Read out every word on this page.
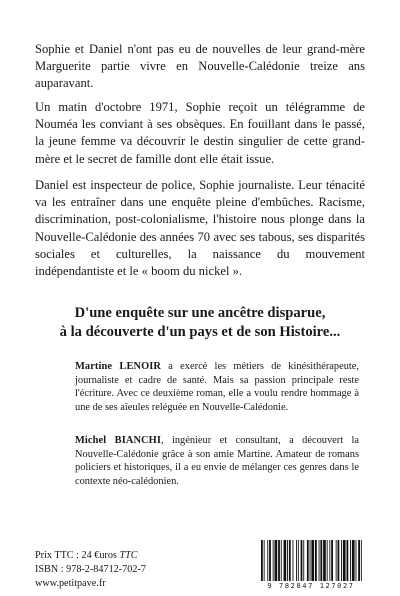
Sophie et Daniel n'ont pas eu de nouvelles de leur grand-mère Marguerite partie vivre en Nouvelle-Calédonie treize ans auparavant.

Un matin d'octobre 1971, Sophie reçoit un télégramme de Nouméa les conviant à ses obsèques. En fouillant dans le passé, la jeune femme va découvrir le destin singulier de cette grand-mère et le secret de famille dont elle était issue.

Daniel est inspecteur de police, Sophie journaliste. Leur ténacité va les entraîner dans une enquête pleine d'embûches. Racisme, discrimination, post-colonialisme, l'histoire nous plonge dans la Nouvelle-Calédonie des années 70 avec ses tabous, ses disparités sociales et culturelles, la naissance du mouvement indépendantiste et le « boom du nickel ».

D'une enquête sur une ancêtre disparue,
à la découverte d'un pays et de son Histoire...

Martine LENOIR a exercé les métiers de kinésithérapeute, journaliste et cadre de santé. Mais sa passion principale reste l'écriture. Avec ce deuxième roman, elle a voulu rendre hommage à une de ses aïeules reléguée en Nouvelle-Calédonie.

Michel BIANCHI, ingénieur et consultant, a découvert la Nouvelle-Calédonie grâce à son amie Martine. Amateur de romans policiers et historiques, il a eu envie de mélanger ces genres dans le contexte néo-calédonien.

Prix TTC : 24 €uros TTC
ISBN : 978-2-84712-702-7
www.petitpave.fr	9 782847 127027
